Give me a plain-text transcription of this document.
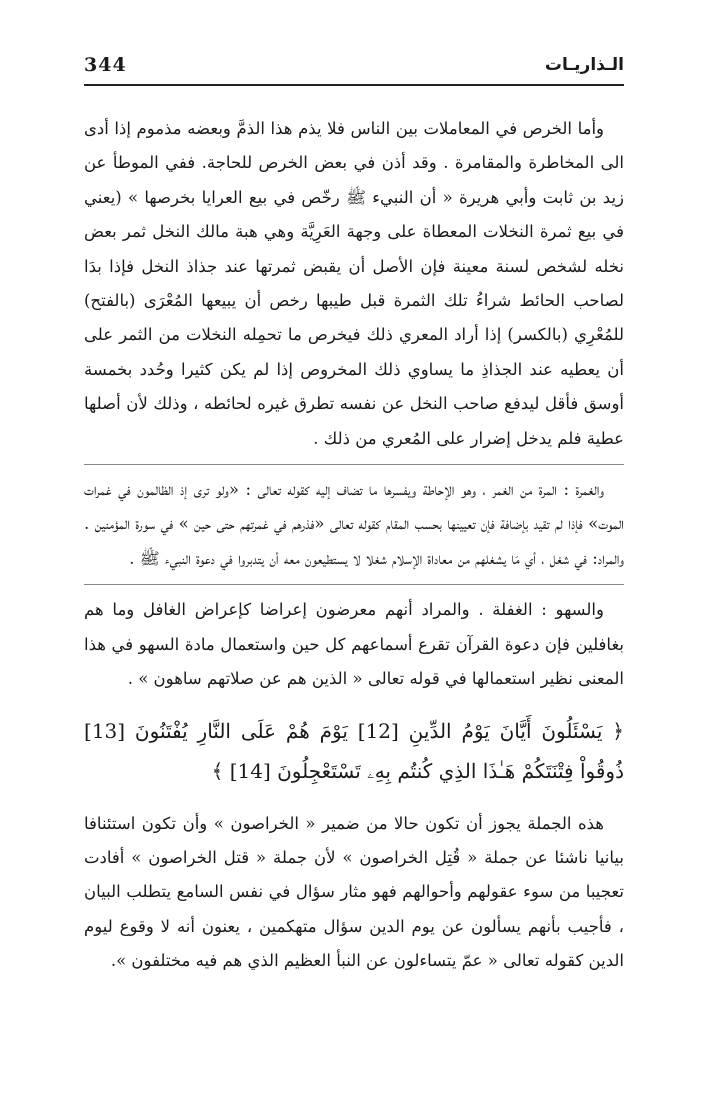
344	الـذاريـات

وأما الخرص في المعاملات بين الناس فلا يذم هذا الذمَّ وبعضه مذموم إذا أدى الى المخاطرة والمقامرة . وقد أذن في بعض الخرص للحاجة. ففي الموطأ عن زيد بن ثابت وأبي هريرة « أن النبيء ﷺ رخّص في بيع العرايا بخرصها » (يعني في بيع ثمرة النخلات المعطاة على وجهة العَرِيَّة وهي هبة مالك النخل ثمر بعض نخله لشخص لسنة معينة فإن الأصل أن يقبض ثمرتها عند جذاذ النخل فإذا بدَا لصاحب الحائط شراءُ تلك الثمرة قبل طيبها رخص أن يبيعها المُعْرَى (بالفتح) للمُعْرِي (بالكسر) إذا أراد المعري ذلك فيخرص ما تحمِله النخلات من الثمر على أن يعطيه عند الجذاذِ ما يساوي ذلك المخروص إذا لم يكن كثيرا وحُدد بخمسة أوسق فأقل ليدفع صاحب النخل عن نفسه تطرق غيره لحائطه ، وذلك لأن أصلها عطية فلم يدخل إضرار على المُعري من ذلك .

والغمرة : المرة من الغمر ، وهو الإحاطة ويفسرها ما تضاف إليه كقوله تعالى : «ولو ترى إذ الظالمون في غمرات الموت» فإذا لم تقيد بإضافة فإن تعيينها بحسب المقام كقوله تعالى «فذرهم في غمرتهم حتى حين » في سورة المؤمنين . والمراد: في شغل ، أي مَا يشغلهم من معاداة الإسلام شغلا لا يستطيعون معه أن يتدبروا في دعوة النبيء ﷺ .

والسهو : الغفلة . والمراد أنهم معرضون إعراضا كإعراض الغافل وما هم بغافلين فإن دعوة القرآن تقرع أسماعهم كل حين واستعمال مادة السهو في هذا المعنى نظير استعمالها في قوله تعالى « الذين هم عن صلاتهم ساهون » .

﴿ يَسْئَلُونَ أَيَّانَ يَوْمُ الدِّينِ [12] يَوْمَ هُمْ عَلَى النَّارِ يُفْتَنُونَ [13] ذُوقُواْ فِتْنَتَكُمْ هَـٰذَا الذِي كُنتُم بِهِۦ تَسْتَعْجِلُونَ [14] ﴾

هذه الجملة يجوز أن تكون حالا من ضمير « الخراصون » وأن تكون استئنافا بيانيا ناشئا عن جملة « قُتِل الخراصون » لأن جملة « قتل الخراصون » أفادت تعجيبا من سوء عقولهم وأحوالهم فهو مثار سؤال في نفس السامع يتطلب البيان ، فأجيب بأنهم يسألون عن يوم الدين سؤال متهكمين ، يعنون أنه لا وقوع ليوم الدين كقوله تعالى « عمّ يتساءلون عن النبأ العظيم الذي هم فيه مختلفون ».
